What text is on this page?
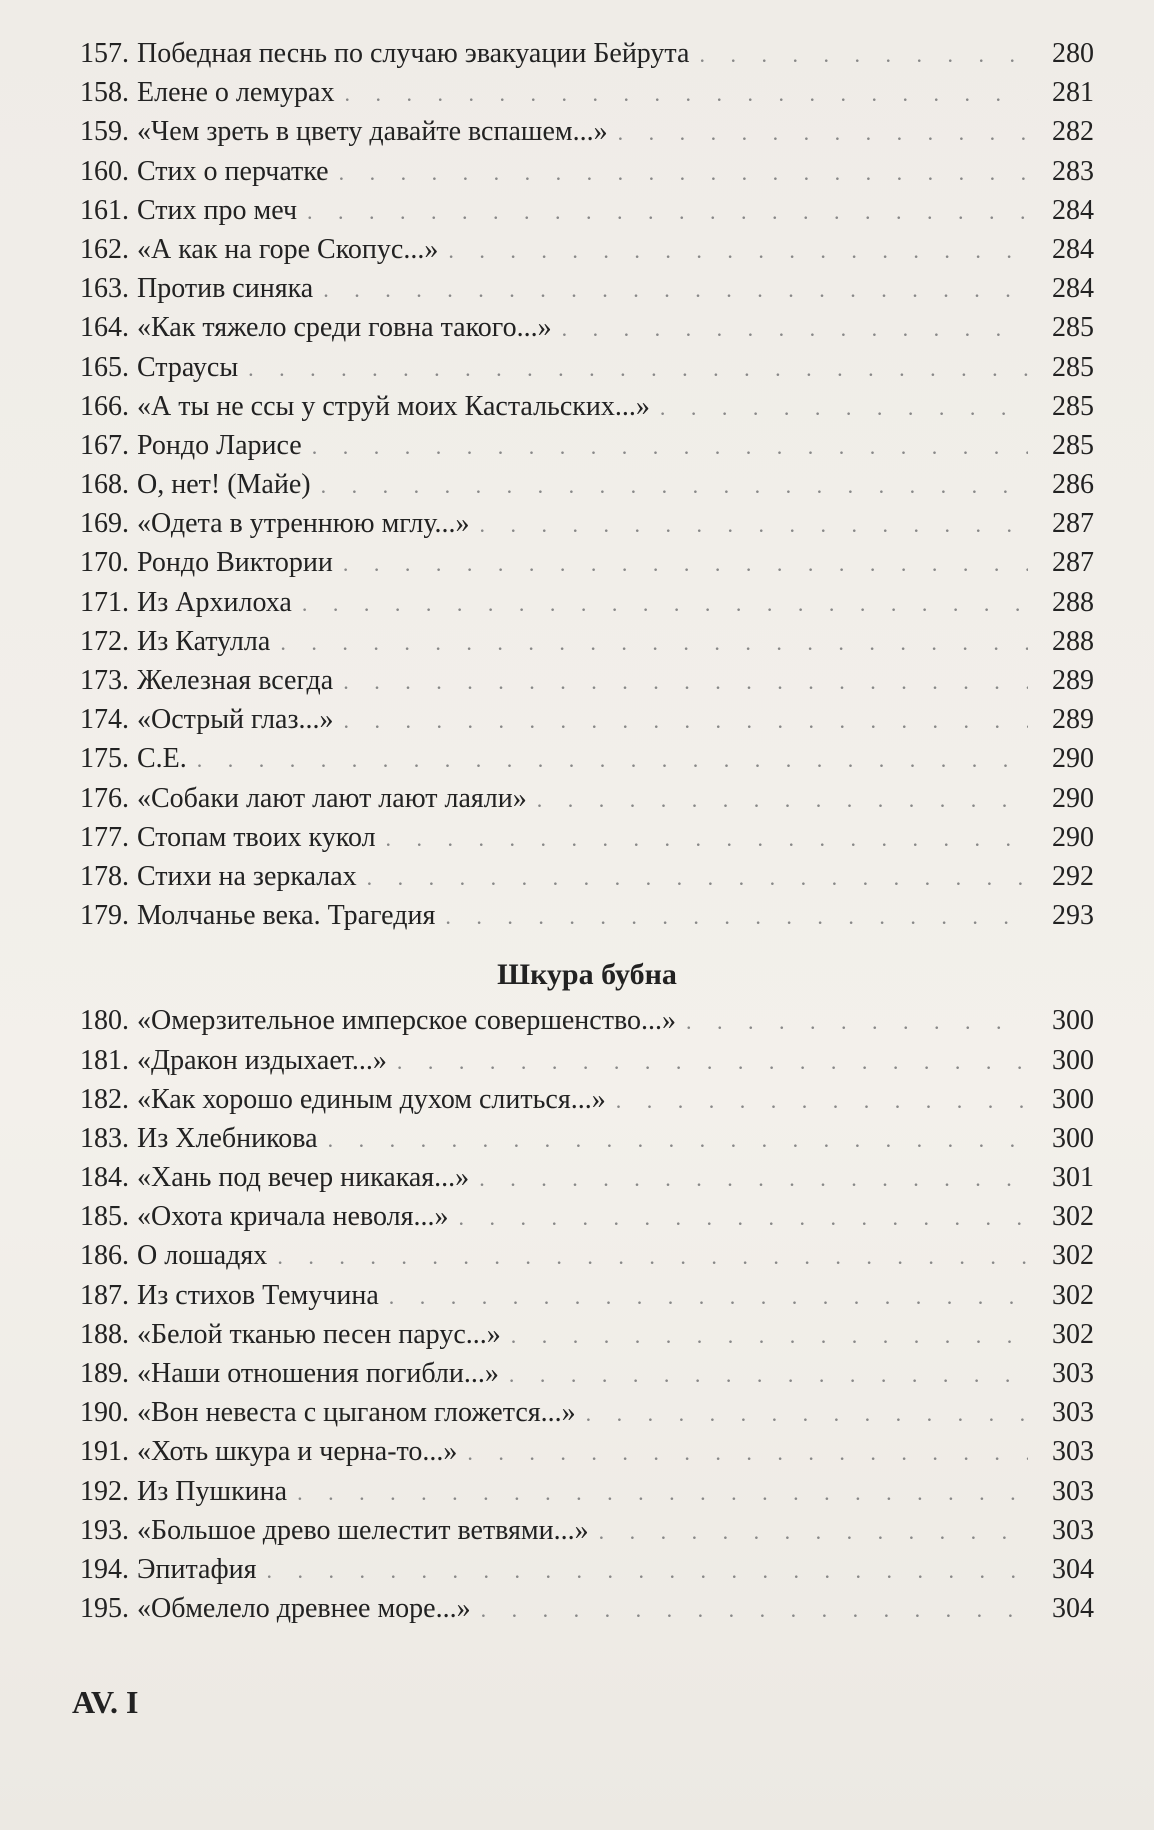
157. Победная песнь по случаю эвакуации Бейрута . . .	280
158. Елене о лемурах . . .	281
159. «Чем зреть в цвету давайте вспашем...» . . .	282
160. Стих о перчатке . . .	283
161. Стих про меч . . .	284
162. «А как на горе Скопус...» . . .	284
163. Против синяка . . .	284
164. «Как тяжело среди говна такого...» . . .	285
165. Страусы . . .	285
166. «А ты не ссы у струй моих Кастальских...» . . .	285
167. Рондо Ларисе . . .	285
168. О, нет! (Майе) . . .	286
169. «Одета в утреннюю мглу...» . . .	287
170. Рондо Виктории . . .	287
171. Из Архилоха . . .	288
172. Из Катулла . . .	288
173. Железная всегда . . .	289
174. «Острый глаз...» . . .	289
175. С.Е. . . .	290
176. «Собаки лают лают лают лаяли» . . .	290
177. Стопам твоих кукол . . .	290
178. Стихи на зеркалах . . .	292
179. Молчанье века. Трагедия . . .	293
Шкура бубна
180. «Омерзительное имперское совершенство...» . . .	300
181. «Дракон издыхает...» . . .	300
182. «Как хорошо единым духом слиться...» . . .	300
183. Из Хлебникова . . .	300
184. «Хань под вечер никакая...» . . .	301
185. «Охота кричала неволя...» . . .	302
186. О лошадях . . .	302
187. Из стихов Темучина . . .	302
188. «Белой тканью песен парус...» . . .	302
189. «Наши отношения погибли...» . . .	303
190. «Вон невеста с цыганом гложется...» . . .	303
191. «Хоть шкура и черна-то...» . . .	303
192. Из Пушкина . . .	303
193. «Большое древо шелестит ветвями...» . . .	303
194. Эпитафия . . .	304
195. «Обмелело древнее море...» . . .	304
AV. I
